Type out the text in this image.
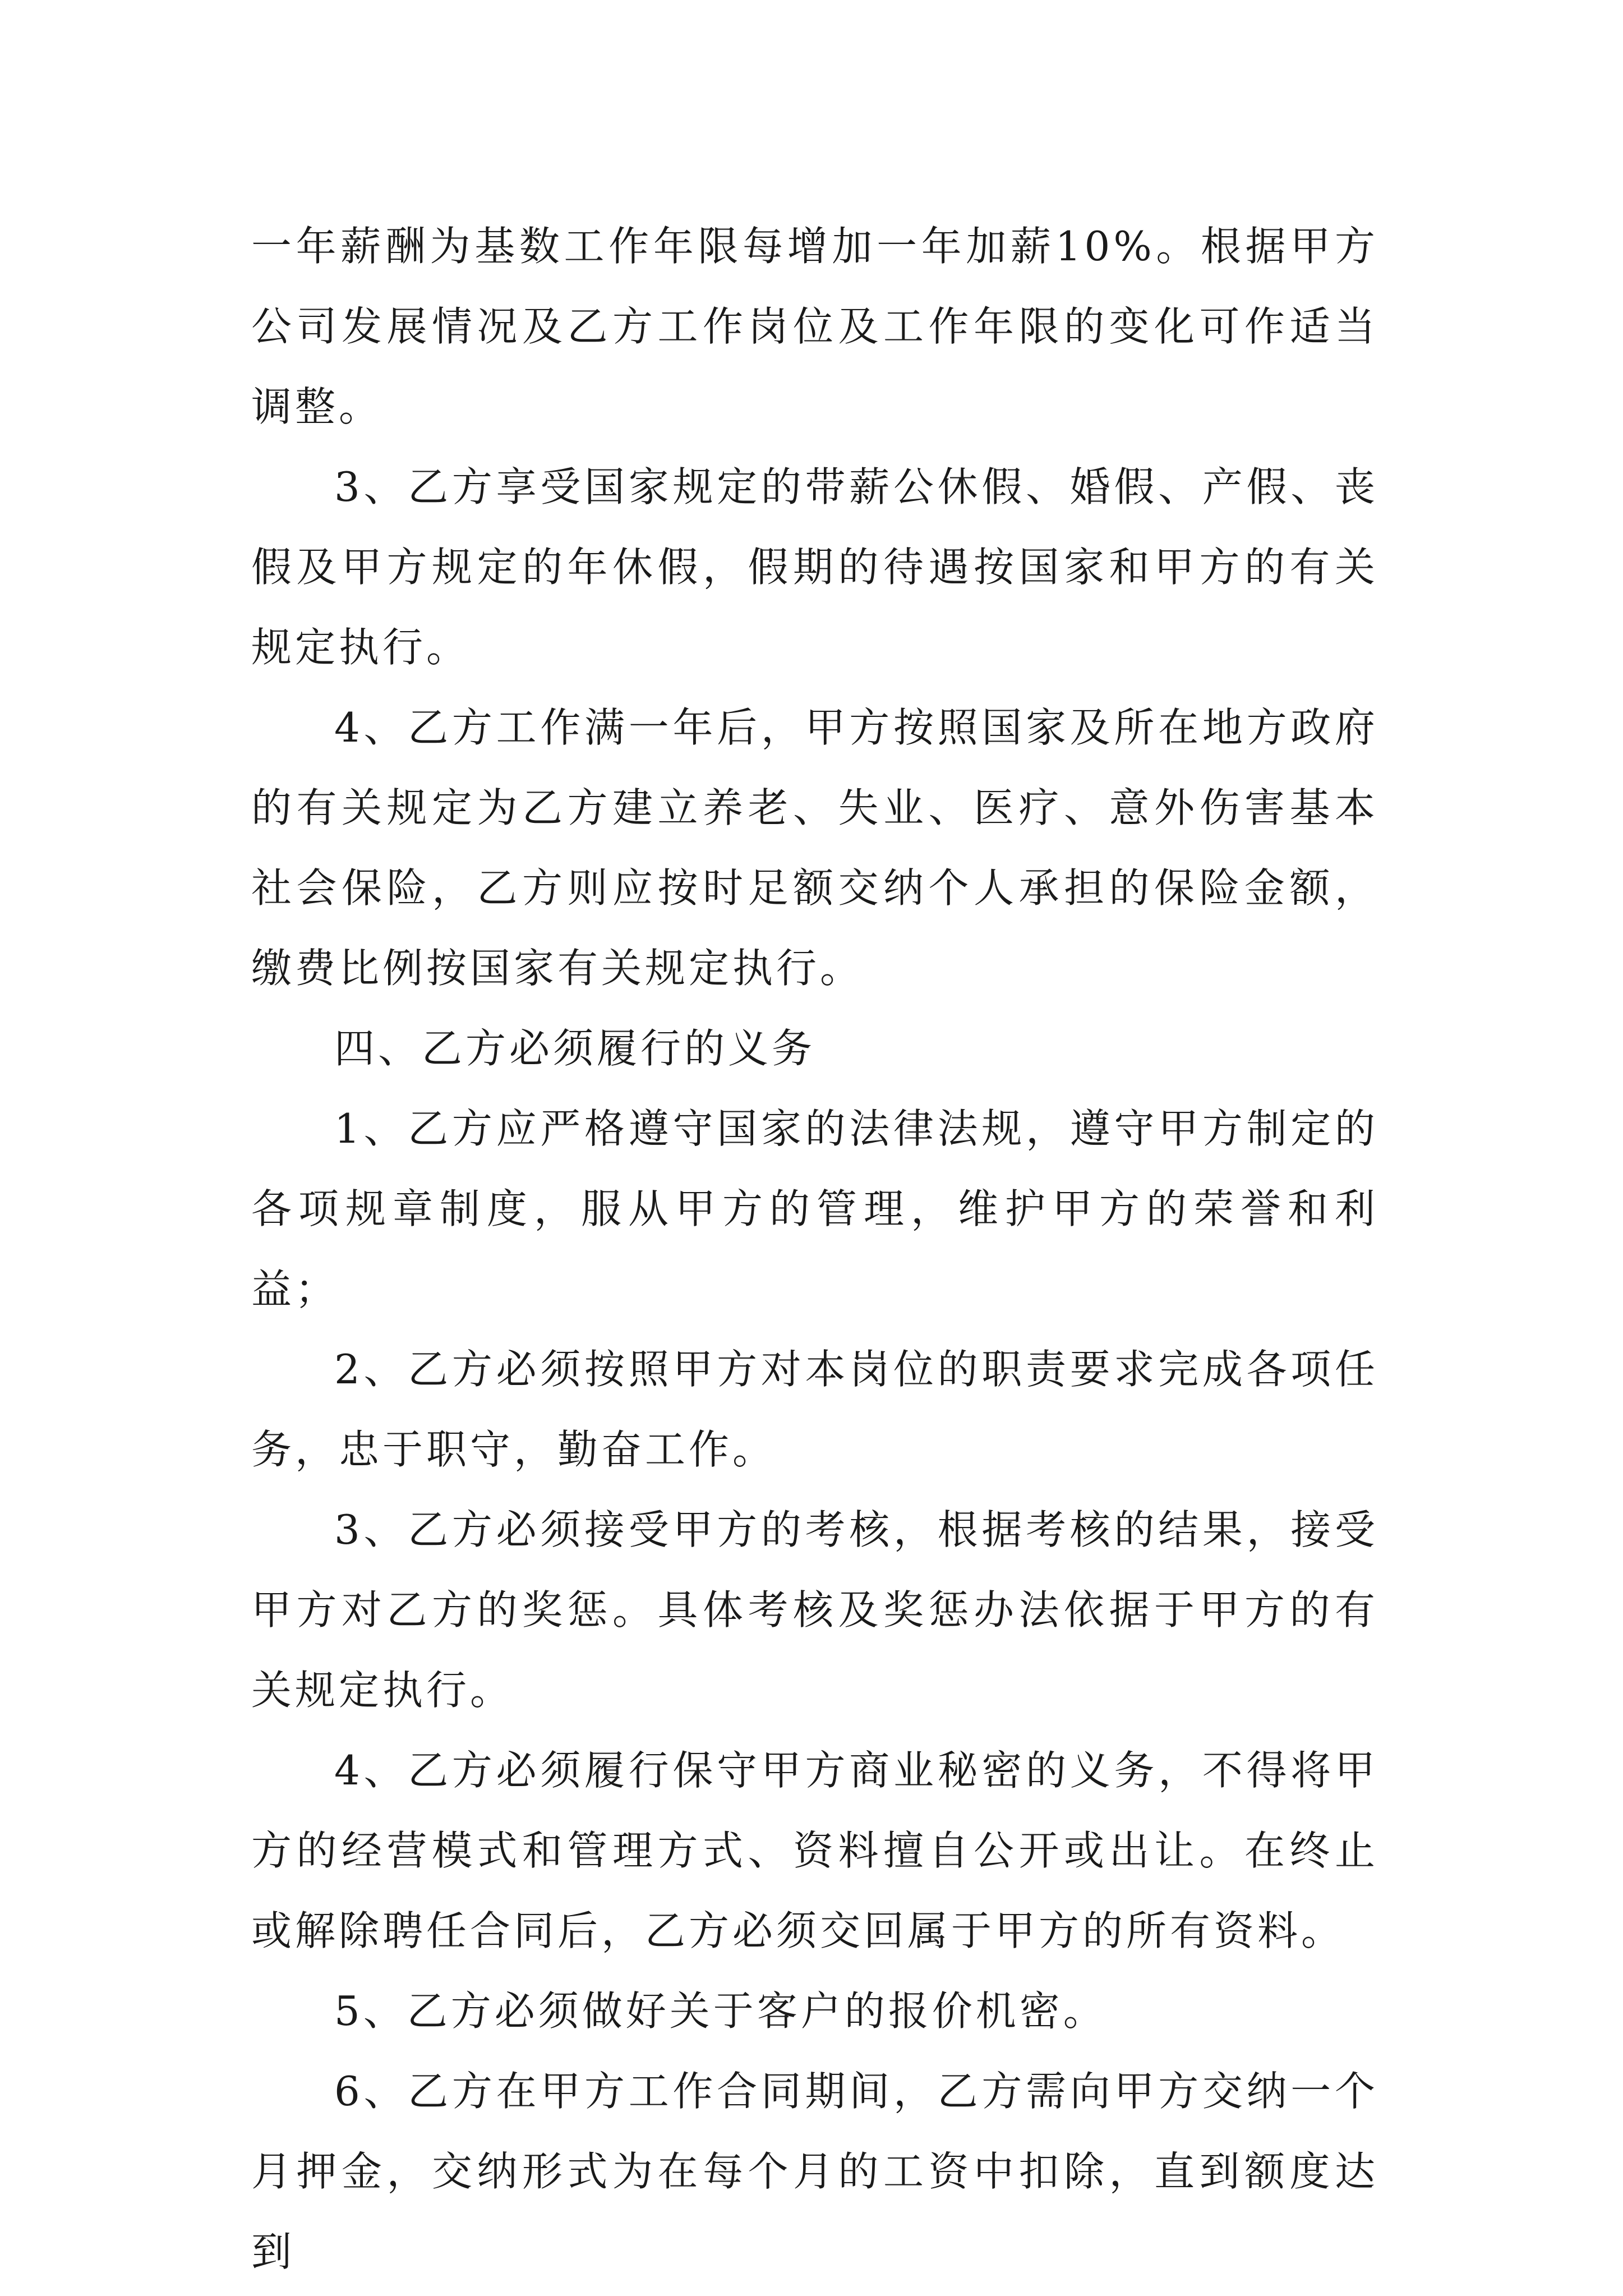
一年薪酬为基数工作年限每增加一年加薪10%。根据甲方公司发展情况及乙方工作岗位及工作年限的变化可作适当调整。

3、乙方享受国家规定的带薪公休假、婚假、产假、丧假及甲方规定的年休假，假期的待遇按国家和甲方的有关规定执行。

4、乙方工作满一年后，甲方按照国家及所在地方政府的有关规定为乙方建立养老、失业、医疗、意外伤害基本社会保险，乙方则应按时足额交纳个人承担的保险金额，缴费比例按国家有关规定执行。

四、乙方必须履行的义务

1、乙方应严格遵守国家的法律法规，遵守甲方制定的各项规章制度，服从甲方的管理，维护甲方的荣誉和利益；

2、乙方必须按照甲方对本岗位的职责要求完成各项任务，忠于职守，勤奋工作。

3、乙方必须接受甲方的考核，根据考核的结果，接受甲方对乙方的奖惩。具体考核及奖惩办法依据于甲方的有关规定执行。

4、乙方必须履行保守甲方商业秘密的义务，不得将甲方的经营模式和管理方式、资料擅自公开或出让。在终止或解除聘任合同后，乙方必须交回属于甲方的所有资料。

5、乙方必须做好关于客户的报价机密。

6、乙方在甲方工作合同期间，乙方需向甲方交纳一个月押金，交纳形式为在每个月的工资中扣除，直到额度达到
